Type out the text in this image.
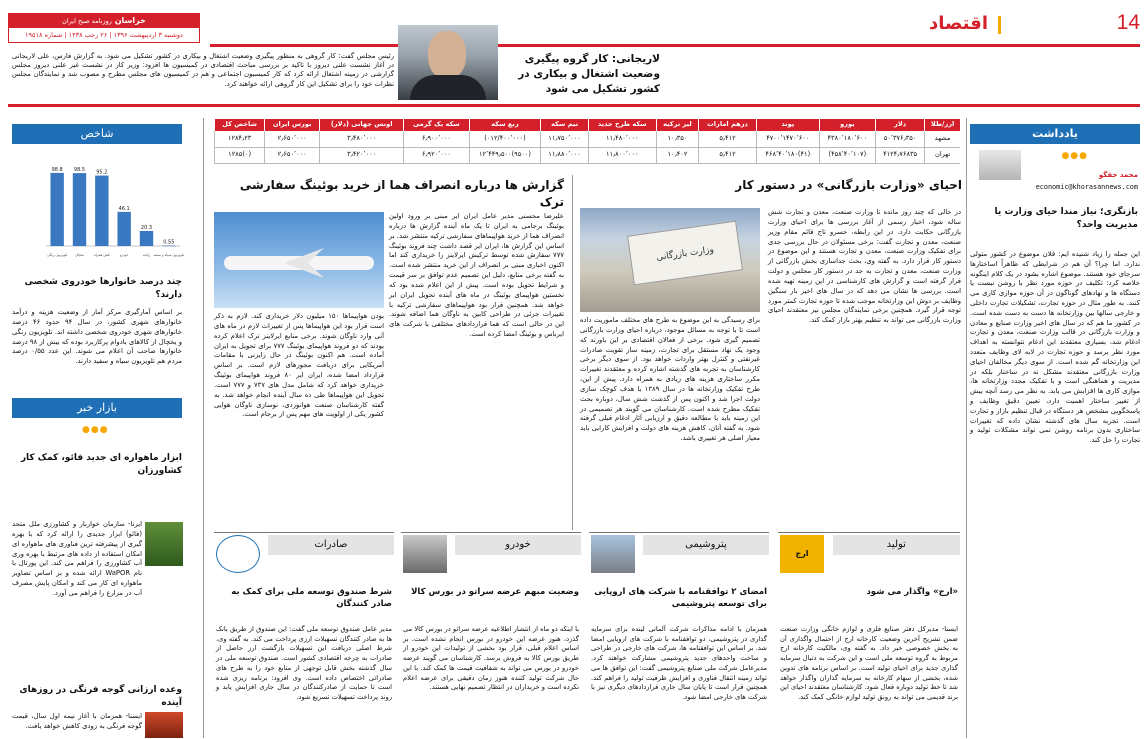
خراسان روزنامه صبح ایران
دوشنبه ۳ اردیبهشت ۱۳۹۶ | ۲۶ رجب ۱۴۳۸ | شماره ۱۹۵۱۸
14
اقتصاد
لاریجانی: کار گروه پیگیری وضعیت اشتغال و بیکاری در کشور تشکیل می شود
رئیس مجلس گفت: کار گروهی به منظور پیگیری وضعیت اشتغال و بیکاری در کشور تشکیل می شود. به گزارش فارس، علی لاریجانی در آغاز نشست علنی دیروز با تاکید بر بررسی مباحث اقتصادی در کمیسیون ها افزود: وزیر کار در نشست غیر علنی دیروز مجلس گزارشی در زمینه اشتغال ارائه کرد که کار کمیسیون اجتماعی و هم در کمیسیون های مجلس مطرح و مصوب شد و نمایندگان مجلس نظرات خود را برای تشکیل این کار گروهی ارائه خواهند کرد.
ارز/طلا	دلار	یورو	پوند	درهم امارات	لیر ترکیه	سکه طرح جدید	نیم سکه	ربع سکه	سکه یک گرمی	اونس جهانی (دلار)	بورس ایران	شاخص کل
مشهد	۵۰٬۳۷۶٫۳۵۰	۴۳۸۰٬۱۸۰٬۶۰۰	۴۷۰۰٬۱۴۷۰٬۶۰۰	۵٫۴۱۲	۱۰٫۳۵۰	۱۱٫۴۸۰٬۰۰۰	۱۱٫۷۵۰٬۰۰۰	(۰۱۲/۴۰۰٬۰۰۰)	۶٫۹۰۰٬۰۰۰	۳٫۴۸۰٬۰۰۰	۲٫۶۵۰٬۰۰۰	۱۲۸۴٫۲۳
تهران	۴۱۲۴٫۷۶۸۳۵	(۴۵۸٬۴۰٬۱۰۷)	(۴۱)۴۶۸٬۴۰٬۱۸۰	۵٫۴۱۲	۱۰٫۴۰۲	۱۱٫۸۰۰٬۰۰۰	۱۱٫۸۸۰٬۰۰۰	(۹۵۰۰)۱۲٬۴۴۹٫۵۰۰	۶٫۹۲۰٬۰۰۰	۳٫۴۲۰٬۰۰۰	۲٫۶۵۰٬۰۰۰	(۰)۱۲۸۵
یادداشت
●●●
محمد حقگو
economic@khorasannews.com
بازنگری؛ نیاز مندا حیای وزارت یا مدیریت واحد؟
این جمله را زیاد شنیده ایم: فلان موضوع در کشور متولی ندارد. اما چرا؟ آن هم در شرایطی که ظاهراً اساختارها سرجای خود هستند. موضوع اشاره بشود در یک کلام اینگونه خلاصه کرد: تکلیف در حوزه مورد نظر با روشن نیست یا دستگاه ها و نهادهای گوناگون در آن حوزه موازی کاری می کنند. به طور مثال در حوزه تجارت، تشکیلات تجارت داخلی و خارجی سالها بین وزارتخانه ها دست به دست شده است. در کشور ما هم که در سال های اخیر وزارت صنایع و معادن و وزارت بازرگانی در قالب وزارت صنعت، معدن و تجارت ادغام شد، بسیاری معتقدند این ادغام نتوانسته به اهداف مورد نظر برسد و حوزه تجارت در لابه لای وظایف متعدد این وزارتخانه گم شده است. از سوی دیگر مخالفان احیای وزارت بازرگانی معتقدند مشکل نه در ساختار بلکه در مدیریت و هماهنگی است و با تفکیک مجدد وزارتخانه ها، موازی کاری ها افزایش می یابد. به نظر می رسد آنچه بیش از تغییر ساختار اهمیت دارد، تعیین دقیق وظایف و پاسخگویی مشخص هر دستگاه در قبال تنظیم بازار و تجارت است. تجربه سال های گذشته نشان داده که تغییرات ساختاری بدون برنامه روشن نمی تواند مشکلات تولید و تجارت را حل کند.
احیای «وزارت بازرگانی» در دستور کار
در حالی که چند روز مانده تا وزارت صنعت، معدن و تجارت شش ساله شود، اخبار رسمی از آغاز بررسی ها برای احیای وزارت بازرگانی حکایت دارد. در این رابطه، خسرو تاج قائم مقام وزیر صنعت، معدن و تجارت گفت: برخی مسئولان در حال بررسی جدی برای تفکیک وزارت صنعت، معدن و تجارت هستند و این موضوع در دستور کار قرار دارد. به گفته وی، بحث جداسازی بخش بازرگانی از وزارت صنعت، معدن و تجارت به جد در دستور کار مجلس و دولت قرار گرفته است و گزارش های کارشناسی در این زمینه تهیه شده است. بررسی ها نشان می دهد که در سال های اخیر بار سنگین وظایف بر دوش این وزارتخانه موجب شده تا حوزه تجارت کمتر مورد توجه قرار گیرد. همچنین برخی نمایندگان مجلس نیز معتقدند احیای وزارت بازرگانی می تواند به تنظیم بهتر بازار کمک کند.
وزارت بازرگانی
برای رسیدگی به این موضوع به طرح های مختلف ماموریت داده است تا با توجه به مسائل موجود، درباره احیای وزارت بازرگانی تصمیم گیری شود. برخی از فعالان اقتصادی بر این باورند که وجود یک نهاد مستقل برای تجارت، زمینه ساز تقویت صادرات غیرنفتی و کنترل بهتر واردات خواهد بود. از سوی دیگر برخی کارشناسان به تجربه های گذشته اشاره کرده و معتقدند تغییرات مکرر ساختاری هزینه های زیادی به همراه دارد. پیش از این، طرح تفکیک وزارتخانه ها در سال ۱۳۸۹ با هدف کوچک سازی دولت اجرا شد و اکنون پس از گذشت شش سال، دوباره بحث تفکیک مطرح شده است. کارشناسان می گویند هر تصمیمی در این زمینه باید با مطالعه دقیق و ارزیابی آثار ادغام قبلی گرفته شود. به گفته آنان، کاهش هزینه های دولت و افزایش کارایی باید معیار اصلی هر تغییری باشد.
گزارش ها درباره انصراف هما از خرید بوئینگ سفارشی ترک
علیرضا محسنی مدیر عامل ایران ایر مبنی بر ورود اولین بوئینگ برجامی به ایران تا یک ماه آینده گزارش ها درباره انصراف هما از خرید هواپیماهای سفارشی ترکیه منتشر شد. بر اساس این گزارش ها، ایران ایر قصد داشت چند فروند بوئینگ ۷۷۷ سفارش شده توسط ترکیش ایرلاینز را خریداری کند اما اکنون اخباری مبنی بر انصراف از این خرید منتشر شده است. به گفته برخی منابع، دلیل این تصمیم عدم توافق بر سر قیمت و شرایط تحویل بوده است. پیش از این اعلام شده بود که نخستین هواپیمای بوئینگ در ماه های آینده تحویل ایران ایر خواهد شد. همچنین قرار بود هواپیماهای سفارشی ترکیه با تغییرات جزئی در طراحی کابین به ناوگان هما اضافه شوند. این در حالی است که هما قراردادهای مختلفی با شرکت های ایرباس و بوئینگ امضا کرده است.
بودن هواپیماها ۱۵۰ میلیون دلار خریداری کند. لازم به ذکر است قرار بود این هواپیماها پس از تغییرات لازم در ماه های آتی وارد ناوگان شوند. برخی منابع ایرلاینز ترک اعلام کرده بودند که دو فروند هواپیمای بوئینگ ۷۷۷ برای تحویل به ایران آماده است. هم اکنون بوئینگ در حال رایزنی با مقامات آمریکایی برای دریافت مجوزهای لازم است. بر اساس قرارداد امضا شده، ایران ایر ۸۰ فروند هواپیمای بوئینگ خریداری خواهد کرد که شامل مدل های ۷۳۷ و ۷۷۷ است. تحویل این هواپیماها طی ده سال آینده انجام خواهد شد. به گفته کارشناسان صنعت هوانوردی، نوسازی ناوگان هوایی کشور یکی از اولویت های مهم پس از برجام است.
تولید
ارج
«ارج» واگذار می شود
ایسنا- مدیرکل دفتر صنایع فلزی و لوازم خانگی وزارت صنعت ضمن تشریح آخرین وضعیت کارخانه ارج از احتمال واگذاری آن به بخش خصوصی خبر داد. به گفته وی، مالکیت کارخانه ارج مربوط به گروه توسعه ملی است و این شرکت به دنبال سرمایه گذاری جدید برای احیای تولید است. بر اساس برنامه های تدوین شده، بخشی از سهام کارخانه به سرمایه گذاران واگذار خواهد شد تا خط تولید دوباره فعال شود. کارشناسان معتقدند احیای این برند قدیمی می تواند به رونق تولید لوازم خانگی کمک کند.
پتروشیمی
امضای ۲ توافقنامه با شرکت های اروپایی برای توسعه پتروشیمی
همزمان با ادامه مذاکرات شرکت آلمانی لینده برای سرمایه گذاری در پتروشیمی، دو توافقنامه با شرکت های اروپایی امضا شد. بر اساس این توافقنامه ها، شرکت های خارجی در طراحی و ساخت واحدهای جدید پتروشیمی مشارکت خواهند کرد. مدیرعامل شرکت ملی صنایع پتروشیمی گفت: این توافق ها می تواند زمینه انتقال فناوری و افزایش ظرفیت تولید را فراهم کند. همچنین قرار است تا پایان سال جاری قراردادهای دیگری نیز با شرکت های خارجی امضا شود.
خودرو
وضعیت مبهم عرضه سراتو در بورس کالا
با اینکه دو ماه از انتشار اطلاعیه عرضه سراتو در بورس کالا می گذرد، هنوز عرضه این خودرو در بورس انجام نشده است. بر اساس اعلام قبلی، قرار بود بخشی از تولیدات این خودرو از طریق بورس کالا به فروش برسد. کارشناسان می گویند عرضه خودرو در بورس می تواند به شفافیت قیمت ها کمک کند. با این حال شرکت تولید کننده هنوز زمان دقیقی برای عرضه اعلام نکرده است و خریداران در انتظار تصمیم نهایی هستند.
صادرات
شرط صندوق توسعه ملی برای کمک به صادر کنندگان
مدیر عامل صندوق توسعه ملی گفت: این صندوق از طریق بانک ها به صادر کنندگان تسهیلات ارزی پرداخت می کند. به گفته وی، شرط اصلی دریافت این تسهیلات بازگشت ارز حاصل از صادرات به چرخه اقتصادی کشور است. صندوق توسعه ملی در سال گذشته بخش قابل توجهی از منابع خود را به طرح های صادراتی اختصاص داده است. وی افزود: برنامه ریزی شده است تا حمایت از صادرکنندگان در سال جاری افزایش یابد و روند پرداخت تسهیلات تسریع شود.
شاخص
98.8
تلویزیون رنگی
98.5
یخچال
95.2
تلفن همراه
46.1
خودرو
20.3
رایانه
0.55
تلویزیون سیاه و سفید
چند درصد خانوارها خودروی شخصی دارند؟
بر اساس آمارگیری مرکز آمار از وضعیت هزینه و درآمد خانوارهای شهری کشور، در سال ۹۴ حدود ۴۶ درصد خانوارهای شهری خودروی شخصی داشته اند. تلویزیون رنگی و یخچال از کالاهای بادوام پرکاربرد بوده که بیش از ۹۸ درصد خانوارها صاحب آن اعلام می شوند. این عدد ۰/۵۵ درصد مردم هم تلویزیون سیاه و سفید دارند.
بازار خبر
●●●
ابزار ماهواره ای جدید فائو، کمک کار کشاورزان
ایرنا- سازمان خواربار و کشاورزی ملل متحد (فائو) ابزار جدیدی را ارائه کرد که با بهره گیری از پیشرفته ترین فناوری های ماهواره ای امکان استفاده از داده های مرتبط با بهره وری آب کشاورزی را فراهم می کند. این پورتال با نام WaPOR ارائه شده و بر اساس تصاویر ماهواره ای کار می کند و امکان پایش مصرف آب در مزارع را فراهم می آورد.
وعده ارزانی گوجه فرنگی در روزهای آینده
ایسنا- همزمان با آغاز نیمه اول سال، قیمت گوجه فرنگی به زودی کاهش خواهد یافت.
